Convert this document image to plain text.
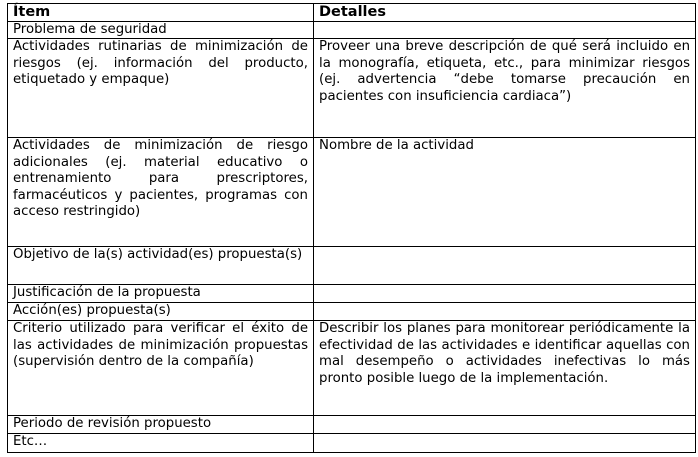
Ítem	Detalles
Problema de seguridad	
Actividades rutinarias de minimización de riesgos (ej. información del producto, etiquetado y empaque)	Proveer una breve descripción de qué será incluido en la monografía, etiqueta, etc., para minimizar riesgos (ej. advertencia “debe tomarse precaución en pacientes con insuficiencia cardiaca”)
Actividades de minimización de riesgo adicionales (ej. material educativo o entrenamiento para prescriptores, farmacéuticos y pacientes, programas con acceso restringido)	Nombre de la actividad
Objetivo de la(s) actividad(es) propuesta(s)	
Justificación de la propuesta	
Acción(es) propuesta(s)	
Criterio utilizado para verificar el éxito de las actividades de minimización propuestas (supervisión dentro de la compañía)	Describir los planes para monitorear periódicamente la efectividad de las actividades e identificar aquellas con mal desempeño o actividades inefectivas lo más pronto posible luego de la implementación.
Periodo de revisión propuesto	
Etc…	
